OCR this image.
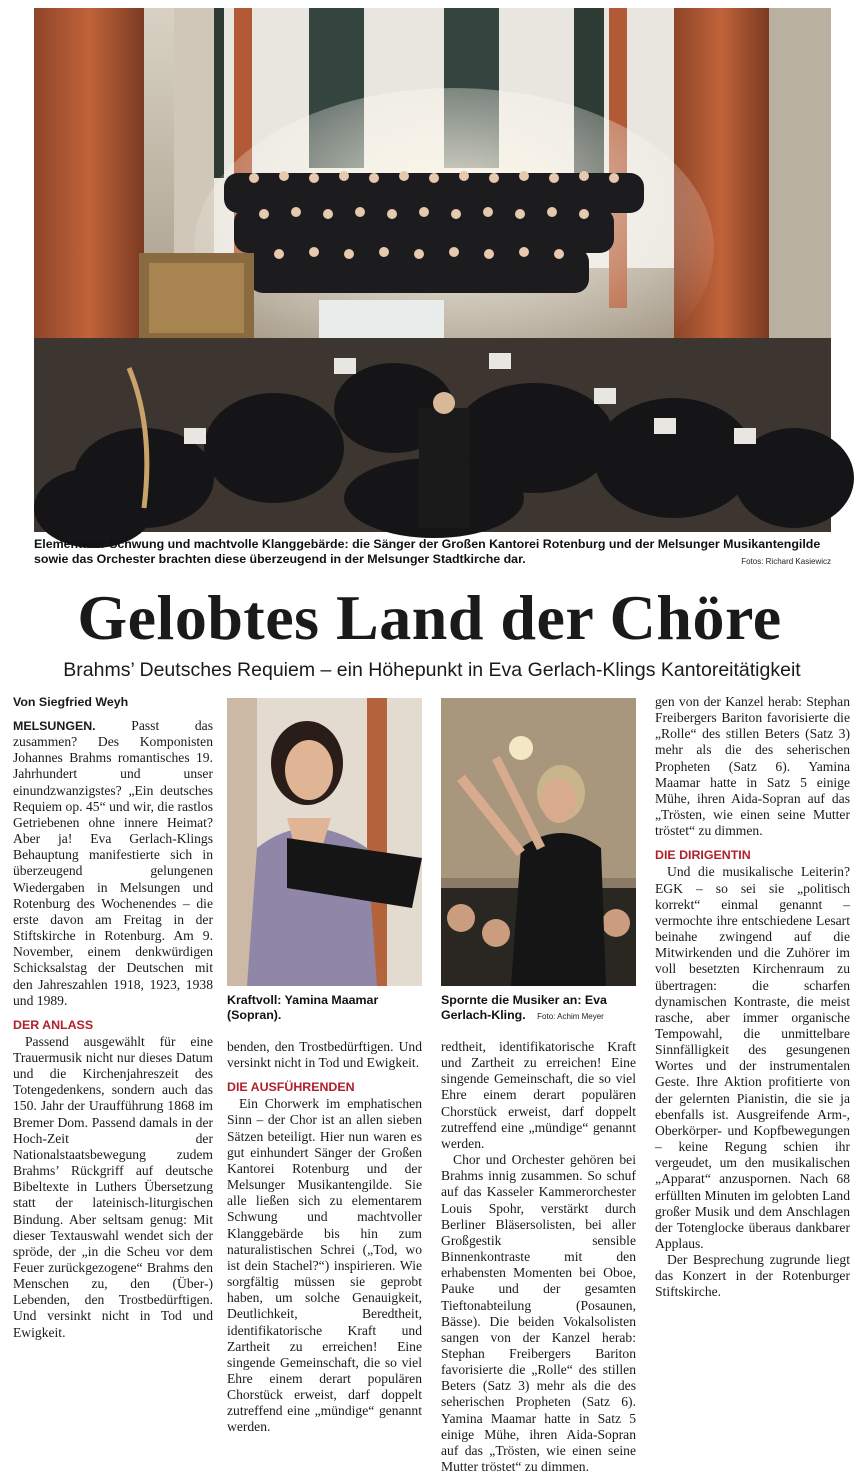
Elementarer Schwung und machtvolle Klanggebärde: die Sänger der Großen Kantorei Rotenburg und der Melsunger Musikantengilde sowie das Orchester brachten diese überzeugend in der Melsunger Stadtkirche dar.	Fotos: Richard Kasiewicz
Gelobtes Land der Chöre
Brahms’ Deutsches Requiem – ein Höhepunkt in Eva Gerlach-Klings Kantoreitätigkeit
Von Siegfried Weyh

MELSUNGEN.	Passt das zusammen? Des Komponisten Johannes Brahms romantisches 19. Jahrhundert und unser einundzwanzigstes? „Ein deutsches Requiem op. 45“ und wir, die rastlos Getriebenen ohne innere Heimat? Aber ja! Eva Gerlach-Klings Behauptung manifestierte sich in überzeugend gelungenen Wiedergaben in Melsungen und Rotenburg des Wochenendes – die erste davon am Freitag in der Stiftskirche in Rotenburg. Am 9. November, einem denkwürdigen Schicksalstag der Deutschen mit den Jahreszahlen 1918, 1923, 1938 und 1989.

DER ANLASS

Passend ausgewählt für eine Trauermusik nicht nur dieses Datum und die Kirchenjahreszeit des Totengedenkens, sondern auch das 150. Jahr der Uraufführung 1868 im Bremer Dom. Passend damals in der Hoch-Zeit der Nationalstaatsbewegung zudem Brahms’ Rückgriff auf deutsche Bibeltexte in Luthers Übersetzung statt der lateinisch-liturgischen Bindung. Aber seltsam genug: Mit dieser Textauswahl wendet sich der spröde, der „in die Scheu vor dem Feuer zurückgezogene“ Brahms den Menschen zu, den (Über-) Lebenden, den Trostbedürftigen. Und versinkt nicht in Tod und Ewigkeit.

Kraftvoll: Yamina Maamar (Sopran).
Spornte die Musiker an: Eva Gerlach-Kling. Foto: Achim Meyer
benden, den Trostbedürftigen. Und versinkt nicht in Tod und Ewigkeit.
DIE AUSFÜHRENDEN

Ein Chorwerk im emphatischen Sinn – der Chor ist an allen sieben Sätzen beteiligt. Hier nun waren es gut einhundert Sänger der Großen Kantorei Rotenburg und der Melsunger Musikantengilde. Sie alle ließen sich zu elementarem Schwung und machtvoller Klanggebärde bis hin zum naturalistischen Schrei („Tod, wo ist dein Stachel?“) inspirieren. Wie sorgfältig müssen sie geprobt haben, um solche Genauigkeit, Deutlichkeit, Beredtheit, identifikatorische Kraft und Zartheit zu erreichen! Eine singende Gemeinschaft, die so viel Ehre einem derart populären Chorstück erweist, darf doppelt zutreffend eine „mündige“ genannt werden.

redtheit, identifikatorische Kraft und Zartheit zu erreichen! Eine singende Gemeinschaft, die so viel Ehre einem derart populären Chorstück erweist, darf doppelt zutreffend eine „mündige“ genannt werden.

Chor und Orchester gehören bei Brahms innig zusammen. So schuf auf das Kasseler Kammerorchester Louis Spohr, verstärkt durch Berliner Bläsersolisten, bei aller Großgestik sensible Binnenkontraste mit den erhabensten Momenten bei Oboe, Pauke und der gesamten Tieftonabteilung (Posaunen, Bässe). Die beiden Vokalsolisten sangen von der Kanzel herab: Stephan Freibergers Bariton favorisierte die „Rolle“ des stillen Beters (Satz 3) mehr als die des seherischen Propheten (Satz 6). Yamina Maamar hatte in Satz 5 einige Mühe, ihren Aida-Sopran auf das „Trösten, wie einen seine Mutter tröstet“ zu dimmen.

gen von der Kanzel herab: Stephan Freibergers Bariton favorisierte die „Rolle“ des stillen Beters (Satz 3) mehr als die des seherischen Propheten (Satz 6). Yamina Maamar hatte in Satz 5 einige Mühe, ihren Aida-Sopran auf das „Trösten, wie einen seine Mutter tröstet“ zu dimmen.
DIE DIRIGENTIN

Und die musikalische Leiterin? EGK – so sei sie „politisch korrekt“ einmal genannt – vermochte ihre entschiedene Lesart beinahe zwingend auf die Mitwirkenden und die Zuhörer im voll besetzten Kirchenraum zu übertragen: die scharfen dynamischen Kontraste, die meist rasche, aber immer organische Tempowahl, die unmittelbare Sinnfälligkeit des gesungenen Wortes und der instrumentalen Geste. Ihre Aktion profitierte von der gelernten Pianistin, die sie ja ebenfalls ist. Ausgreifende Arm-, Oberkörper- und Kopfbewegungen – keine Regung schien ihr vergeudet, um den musikalischen „Apparat“ anzuspornen. Nach 68 erfüllten Minuten im gelobten Land großer Musik und dem Anschlagen der Totenglocke überaus dankbarer Applaus.

Der Besprechung zugrunde liegt das Konzert in der Rotenburger Stiftskirche.
